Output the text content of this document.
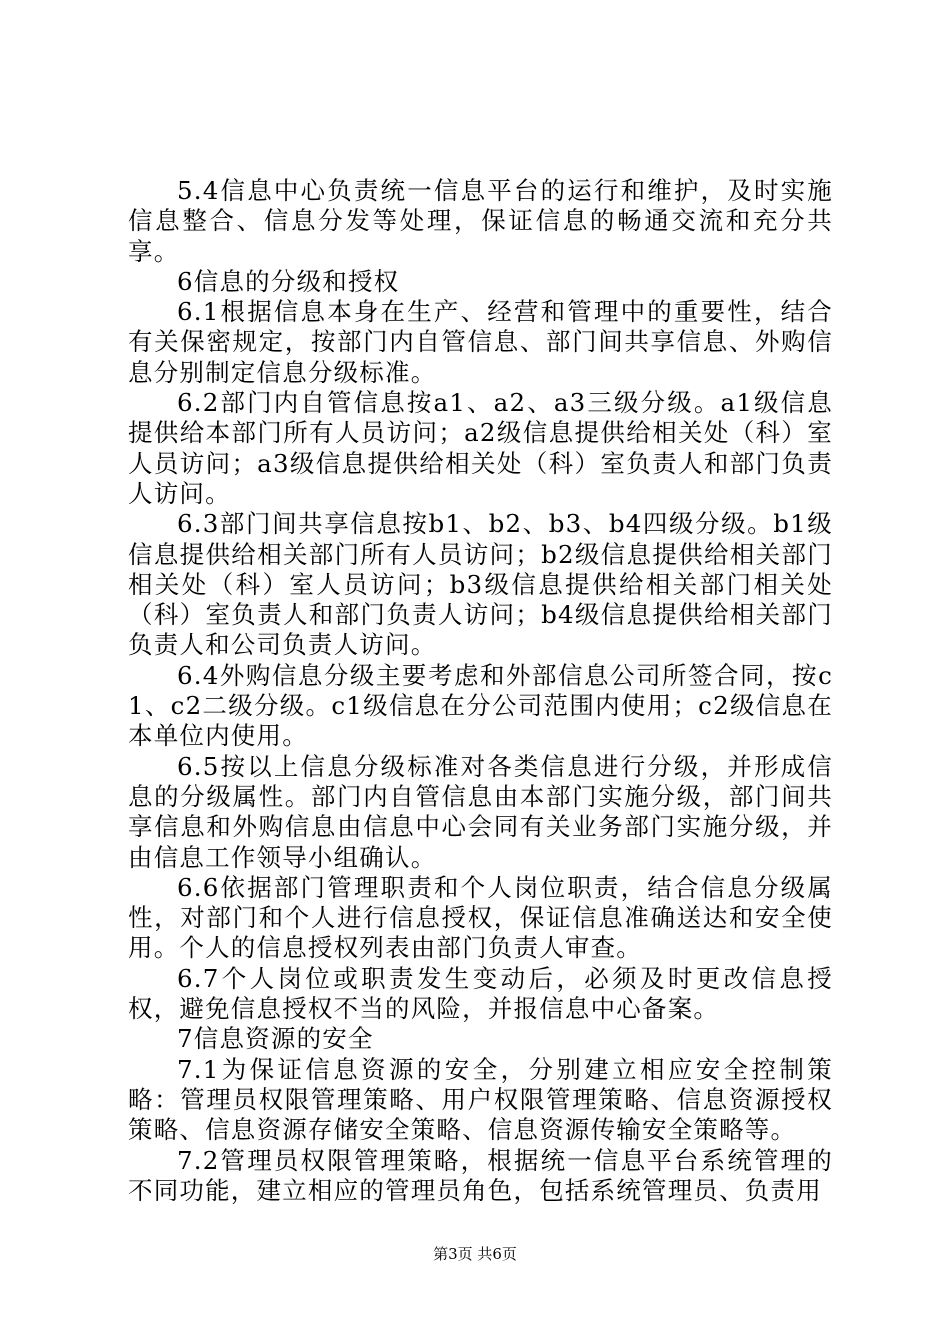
5.4信息中心负责统一信息平台的运行和维护，及时实施信息整合、信息分发等处理，保证信息的畅通交流和充分共享。

6信息的分级和授权

6.1根据信息本身在生产、经营和管理中的重要性，结合有关保密规定，按部门内自管信息、部门间共享信息、外购信息分别制定信息分级标准。

6.2部门内自管信息按a1、a2、a3三级分级。a1级信息提供给本部门所有人员访问；a2级信息提供给相关处（科）室人员访问；a3级信息提供给相关处（科）室负责人和部门负责人访问。

6.3部门间共享信息按b1、b2、b3、b4四级分级。b1级信息提供给相关部门所有人员访问；b2级信息提供给相关部门相关处（科）室人员访问；b3级信息提供给相关部门相关处（科）室负责人和部门负责人访问；b4级信息提供给相关部门负责人和公司负责人访问。

6.4外购信息分级主要考虑和外部信息公司所签合同，按c1、c2二级分级。c1级信息在分公司范围内使用；c2级信息在本单位内使用。

6.5按以上信息分级标准对各类信息进行分级，并形成信息的分级属性。部门内自管信息由本部门实施分级，部门间共享信息和外购信息由信息中心会同有关业务部门实施分级，并由信息工作领导小组确认。

6.6依据部门管理职责和个人岗位职责，结合信息分级属性，对部门和个人进行信息授权，保证信息准确送达和安全使用。个人的信息授权列表由部门负责人审查。

6.7个人岗位或职责发生变动后，必须及时更改信息授权，避免信息授权不当的风险，并报信息中心备案。

7信息资源的安全

7.1为保证信息资源的安全，分别建立相应安全控制策略：管理员权限管理策略、用户权限管理策略、信息资源授权策略、信息资源存储安全策略、信息资源传输安全策略等。

7.2管理员权限管理策略，根据统一信息平台系统管理的不同功能，建立相应的管理员角色，包括系统管理员、负责用

第3页 共6页
